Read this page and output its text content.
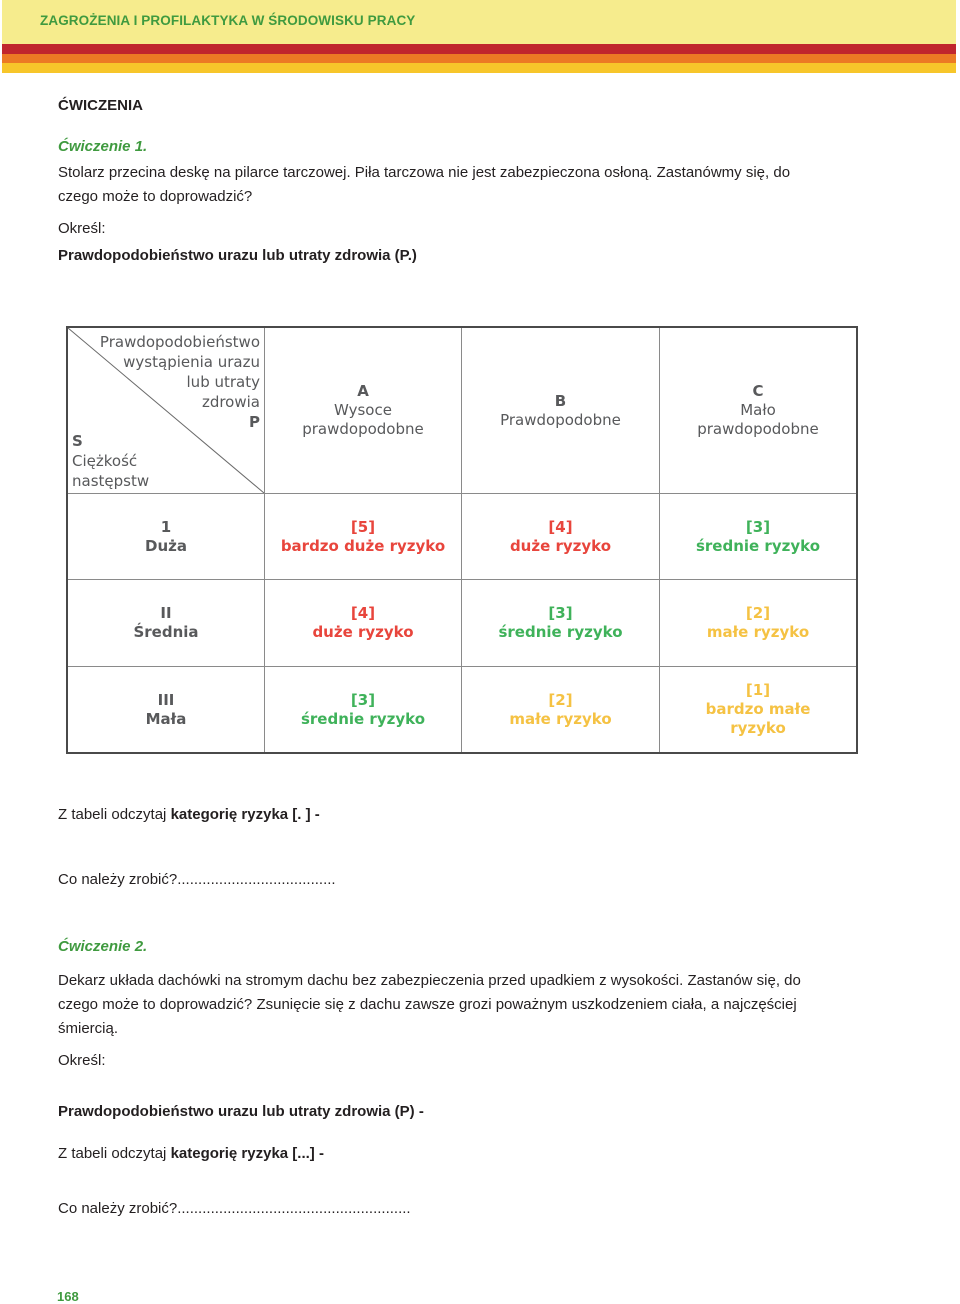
ZAGROŻENIA I PROFILAKTYKA W ŚRODOWISKU PRACY
ĆWICZENIA
Ćwiczenie 1.
Stolarz przecina deskę na pilarce tarczowej. Piła tarczowa nie jest zabezpieczona osłoną. Zastanówmy się, do
czego może to doprowadzić?
Określ:
Prawdopodobieństwo urazu lub utraty zdrowia (P.)
Prawdopodobieństwo
wystąpienia urazu
lub utraty
zdrowia
P
S
Ciężkość
następstw
A
Wysoce
prawdopodobne
B
Prawdopodobne
C
Mało
prawdopodobne
1
Duża
II
Średnia
III
Mała
[5]
bardzo duże ryzyko
[4]
duże ryzyko
[3]
średnie ryzyko
[4]
duże ryzyko
[3]
średnie ryzyko
[2]
małe ryzyko
[3]
średnie ryzyko
[2]
małe ryzyko
[1]
bardzo małe ryzyko
Z tabeli odczytaj kategorię ryzyka [. ] -
Co należy zrobić?......................................
Ćwiczenie 2.
Dekarz układa dachówki na stromym dachu bez zabezpieczenia przed upadkiem z wysokości. Zastanów się, do
czego może to doprowadzić? Zsunięcie się z dachu zawsze grozi poważnym uszkodzeniem ciała, a najczęściej
śmiercią.
Określ:
Prawdopodobieństwo urazu lub utraty zdrowia (P) -
Z tabeli odczytaj kategorię ryzyka [...] -
Co należy zrobić?........................................................
168
